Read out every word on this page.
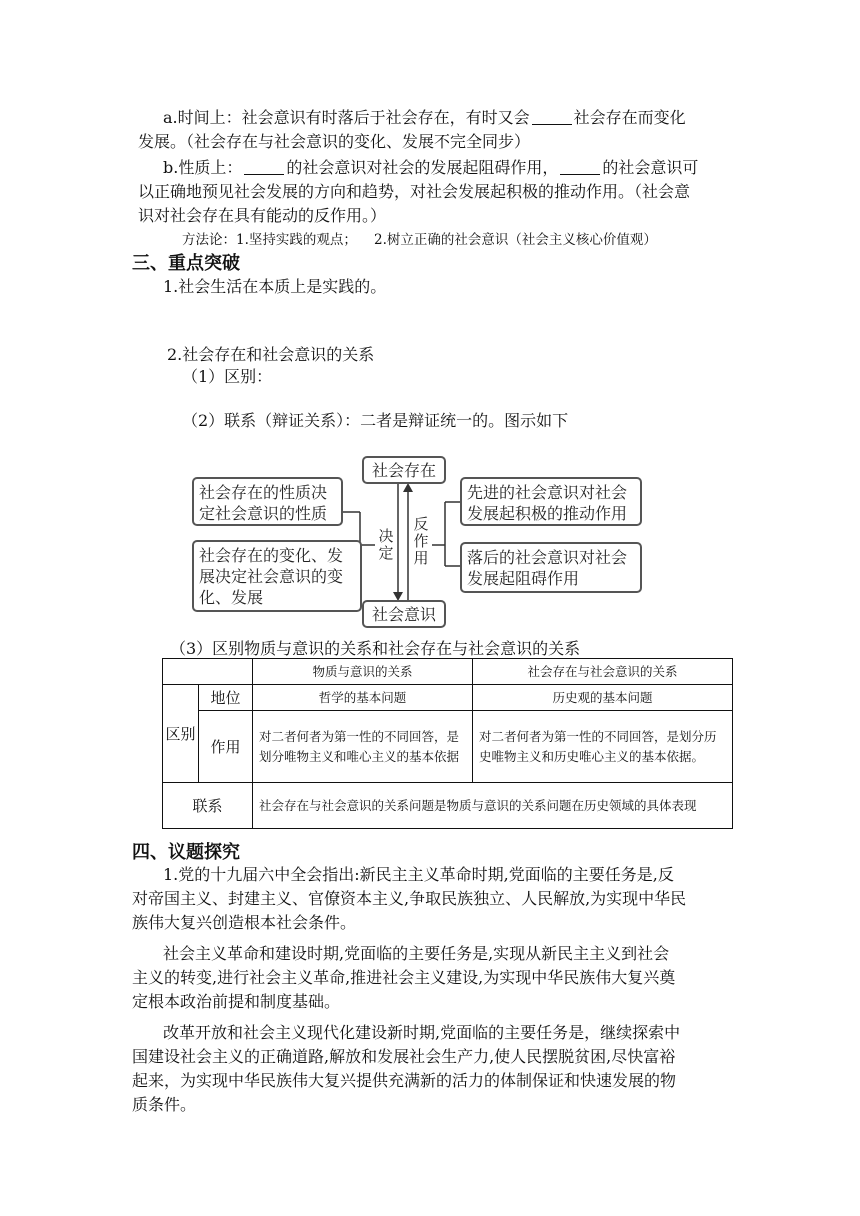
a.时间上：社会意识有时落后于社会存在，有时又会	社会存在而变化
发展。（社会存在与社会意识的变化、发展不完全同步）
b.性质上：	的社会意识对社会的发展起阻碍作用，	的社会意识可
以正确地预见社会发展的方向和趋势，对社会发展起积极的推动作用。（社会意
识对社会存在具有能动的反作用。）
方法论：1.坚持实践的观点；    2.树立正确的社会意识（社会主义核心价值观）
三、重点突破
1.社会生活在本质上是实践的。
2.社会存在和社会意识的关系
（1）区别：
（2）联系（辩证关系）：二者是辩证统一的。图示如下
社会存在
社会意识
社会存在的性质决定社会意识的性质
社会存在的变化、发展决定社会意识的变化、发展
决定
反作用
先进的社会意识对社会发展起积极的推动作用
落后的社会意识对社会发展起阻碍作用
（3）区别物质与意识的关系和社会存在与社会意识的关系
		物质与意识的关系	社会存在与社会意识的关系

区别	地位	哲学的基本问题	历史观的基本问题
	作用	对二者何者为第一性的不同回答，是划分唯物主义和唯心主义的基本依据	对二者何者为第一性的不同回答，是划分历史唯物主义和历史唯心主义的基本依据。
联系		社会存在与社会意识的关系问题是物质与意识的关系问题在历史领域的具体表现	
四、议题探究
1.党的十九届六中全会指出:新民主主义革命时期,党面临的主要任务是,反
对帝国主义、封建主义、官僚资本主义,争取民族独立、人民解放,为实现中华民
族伟大复兴创造根本社会条件。
社会主义革命和建设时期,党面临的主要任务是,实现从新民主主义到社会
主义的转变,进行社会主义革命,推进社会主义建设,为实现中华民族伟大复兴奠
定根本政治前提和制度基础。
改革开放和社会主义现代化建设新时期,党面临的主要任务是，继续探索中
国建设社会主义的正确道路,解放和发展社会生产力,使人民摆脱贫困,尽快富裕
起来，为实现中华民族伟大复兴提供充满新的活力的体制保证和快速发展的物
质条件。
